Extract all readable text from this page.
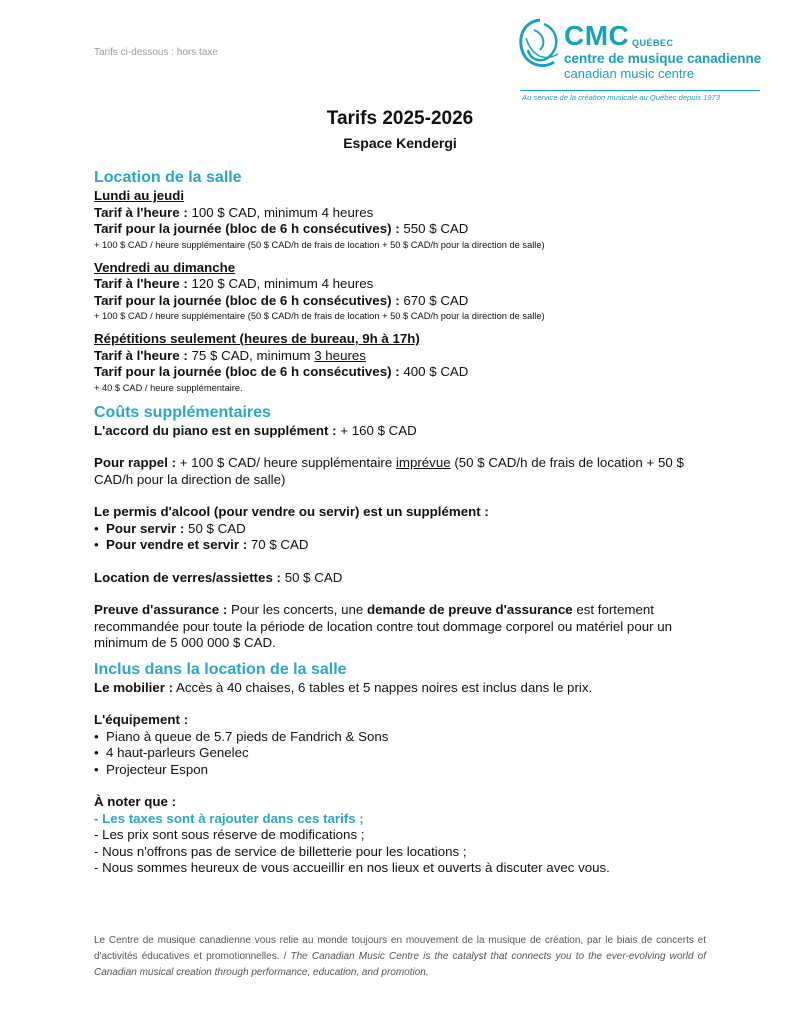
Tarifs ci-dessous : hors taxe
CMC QUÉBEC
centre de musique canadienne
canadian music centre
Au service de la création musicale au Québec depuis 1973
Tarifs 2025-2026
Espace Kendergi
Location de la salle

Lundi au jeudi

Tarif à l'heure : 100 $ CAD, minimum 4 heures

Tarif pour la journée (bloc de 6 h consécutives) : 550 $ CAD

+ 100 $ CAD / heure supplémentaire (50 $ CAD/h de frais de location + 50 $ CAD/h pour la direction de salle)

Vendredi au dimanche

Tarif à l'heure : 120 $ CAD, minimum 4 heures

Tarif pour la journée (bloc de 6 h consécutives) : 670 $ CAD

+ 100 $ CAD / heure supplémentaire (50 $ CAD/h de frais de location + 50 $ CAD/h pour la direction de salle)

Répétitions seulement (heures de bureau, 9h à 17h)

Tarif à l'heure : 75 $ CAD, minimum 3 heures

Tarif pour la journée (bloc de 6 h consécutives) : 400 $ CAD

+ 40 $ CAD / heure supplémentaire.

Coûts supplémentaires

L'accord du piano est en supplément : + 160 $ CAD

Pour rappel : + 100 $ CAD/ heure supplémentaire imprévue (50 $ CAD/h de frais de location + 50 $ CAD/h pour la direction de salle)

Le permis d'alcool (pour vendre ou servir) est un supplément :

• Pour servir : 50 $ CAD
• Pour vendre et servir : 70 $ CAD

Location de verres/assiettes : 50 $ CAD

Preuve d'assurance : Pour les concerts, une demande de preuve d'assurance est fortement recommandée pour toute la période de location contre tout dommage corporel ou matériel pour un minimum de 5 000 000 $ CAD.

Inclus dans la location de la salle

Le mobilier : Accès à 40 chaises, 6 tables et 5 nappes noires est inclus dans le prix.

L'équipement :

• Piano à queue de 5.7 pieds de Fandrich & Sons
• 4 haut-parleurs Genelec
• Projecteur Espon

À noter que :

- Les taxes sont à rajouter dans ces tarifs ;

- Les prix sont sous réserve de modifications ;

- Nous n'offrons pas de service de billetterie pour les locations ;

- Nous sommes heureux de vous accueillir en nos lieux et ouverts à discuter avec vous.

Le Centre de musique canadienne vous relie au monde toujours en mouvement de la musique de création, par le biais de concerts et d'activités éducatives et promotionnelles. / The Canadian Music Centre is the catalyst that connects you to the ever-evolving world of Canadian musical creation through performance, education, and promotion.
